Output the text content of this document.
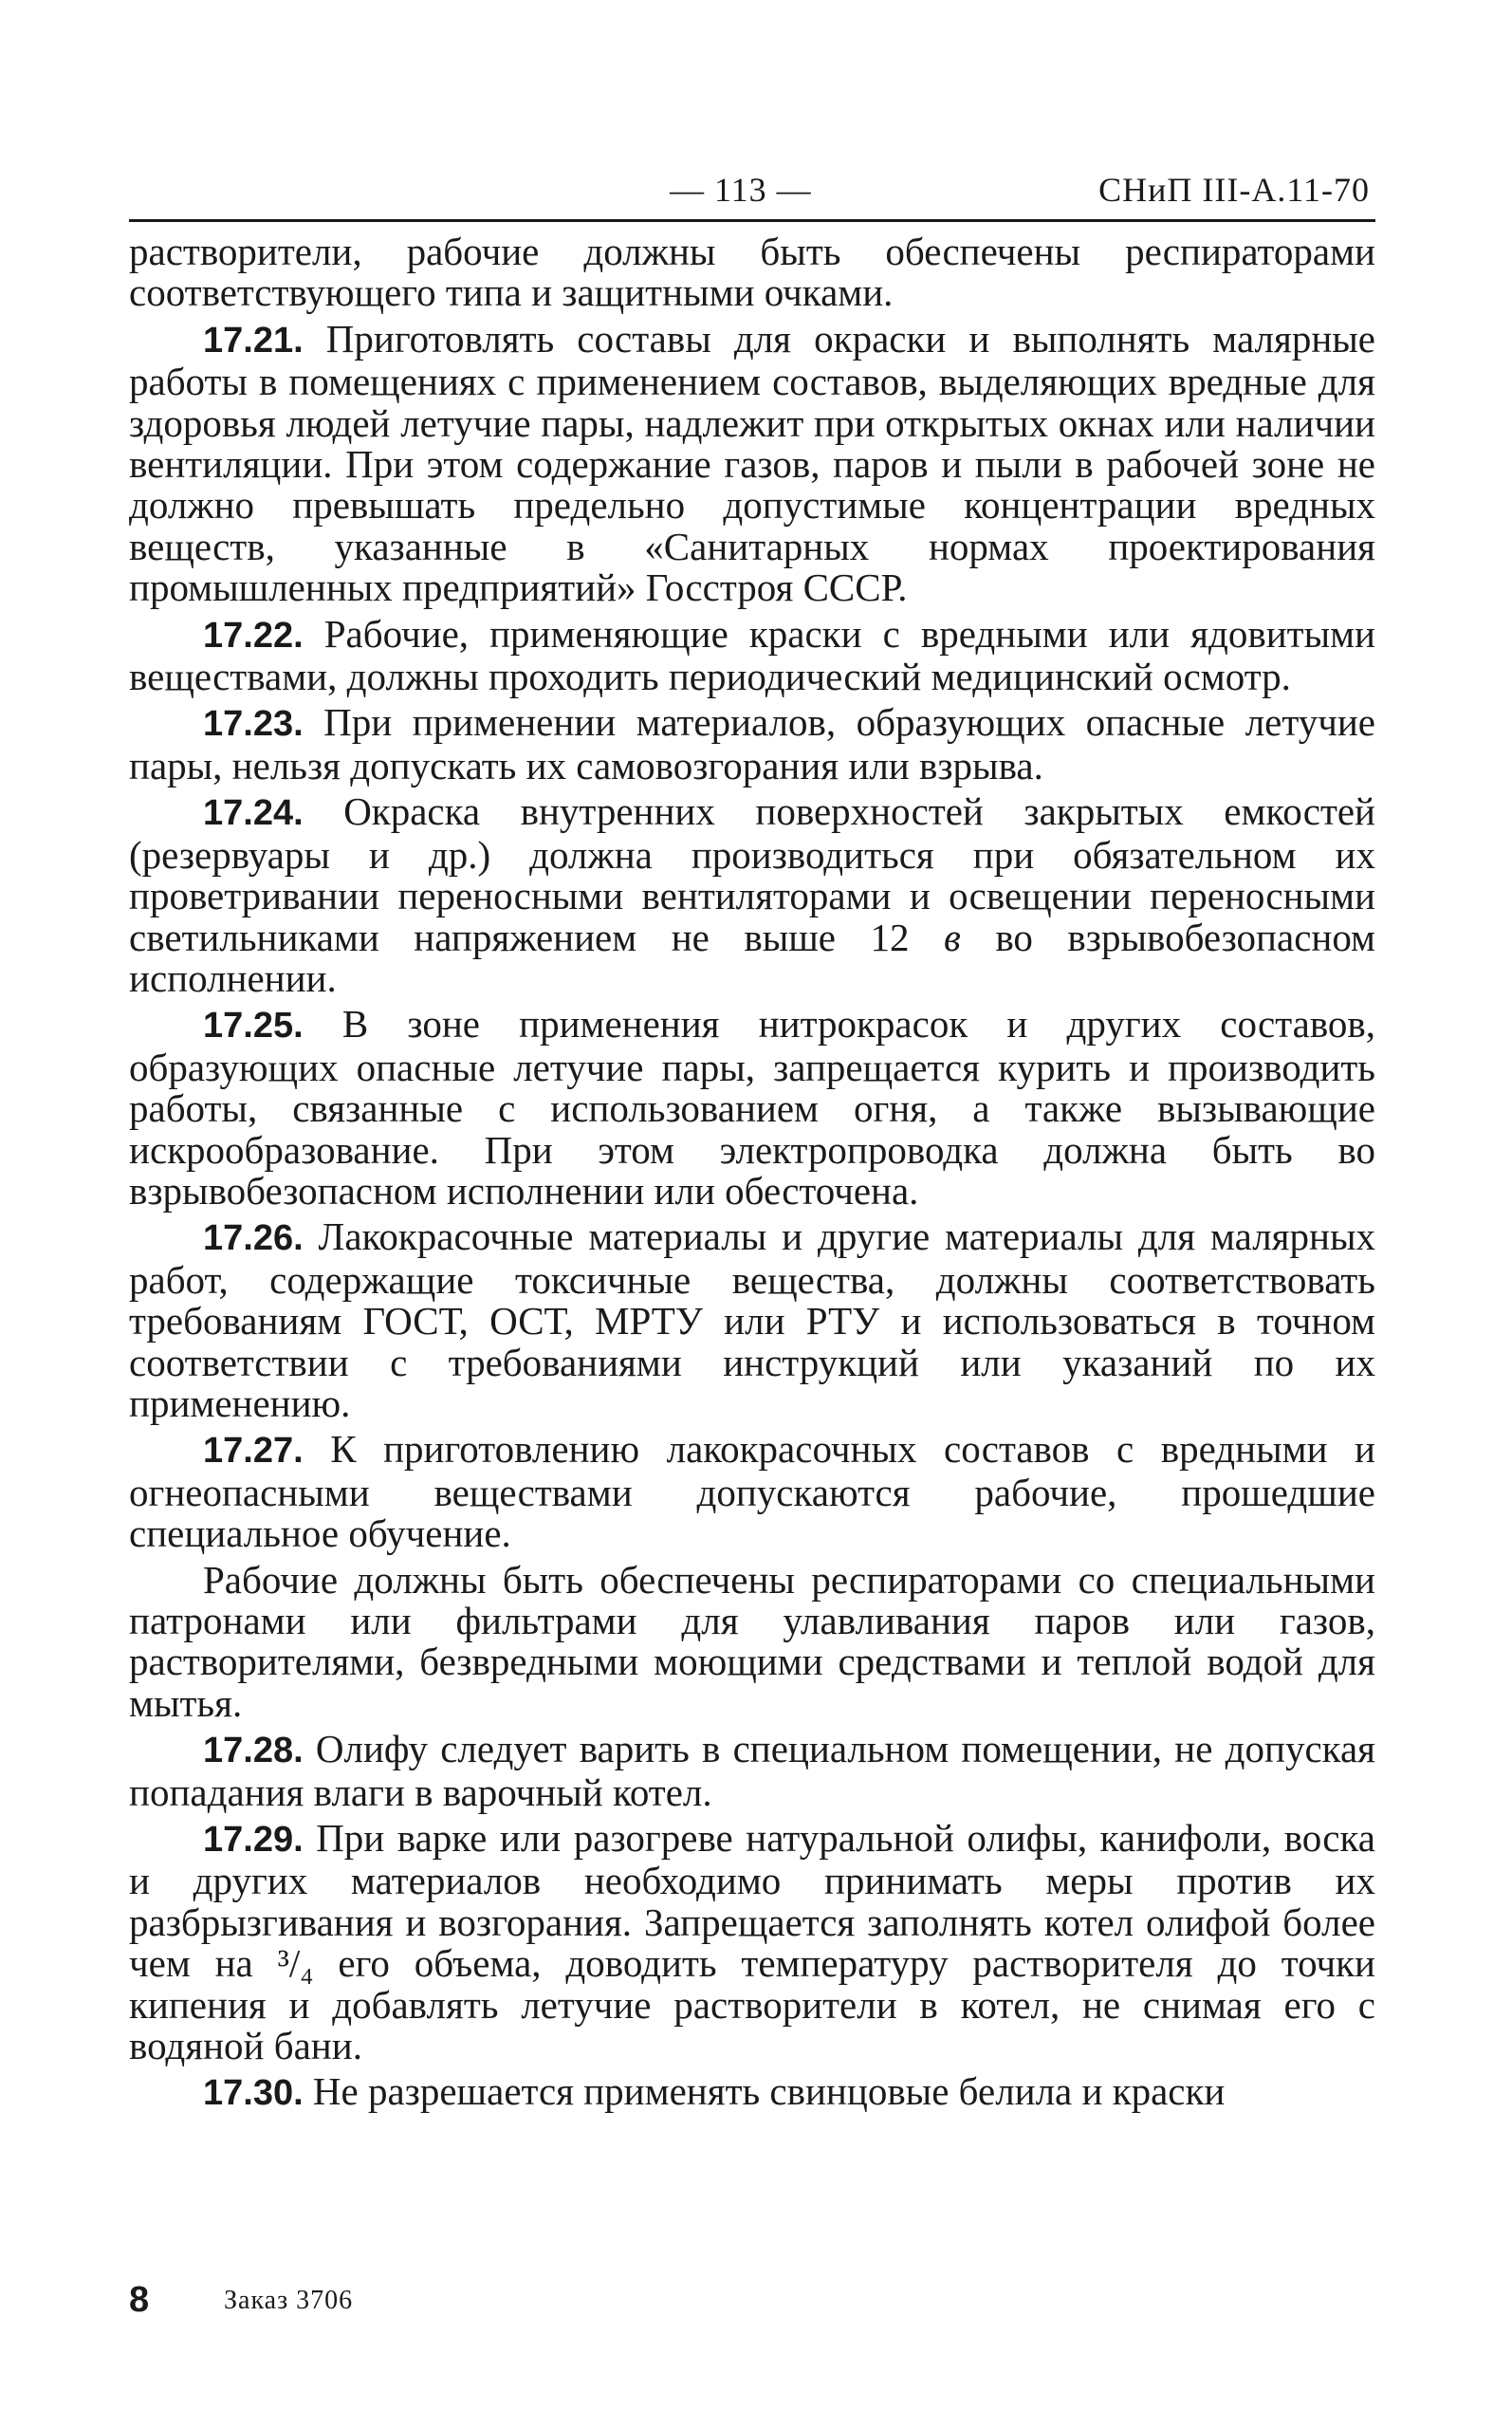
— 113 —	СНиП III-А.11-70

растворители, рабочие должны быть обеспечены респираторами соответствующего типа и защитными очками.

17.21. Приготовлять составы для окраски и выполнять малярные работы в помещениях с применением составов, выделяющих вредные для здоровья людей летучие пары, надлежит при открытых окнах или наличии вентиляции. При этом содержание газов, паров и пыли в рабочей зоне не должно превышать предельно допустимые концентрации вредных веществ, указанные в «Санитарных нормах проектирования промышленных предприятий» Госстроя СССР.

17.22. Рабочие, применяющие краски с вредными или ядовитыми веществами, должны проходить периодический медицинский осмотр.

17.23. При применении материалов, образующих опасные летучие пары, нельзя допускать их самовозгорания или взрыва.

17.24. Окраска внутренних поверхностей закрытых емкостей (резервуары и др.) должна производиться при обязательном их проветривании переносными вентиляторами и освещении переносными светильниками напряжением не выше 12 в во взрывобезопасном исполнении.

17.25. В зоне применения нитрокрасок и других составов, образующих опасные летучие пары, запрещается курить и производить работы, связанные с использованием огня, а также вызывающие искрообразование. При этом электропроводка должна быть во взрывобезопасном исполнении или обесточена.

17.26. Лакокрасочные материалы и другие материалы для малярных работ, содержащие токсичные вещества, должны соответствовать требованиям ГОСТ, ОСТ, МРТУ или РТУ и использоваться в точном соответствии с требованиями инструкций или указаний по их применению.

17.27. К приготовлению лакокрасочных составов с вредными и огнеопасными веществами допускаются рабочие, прошедшие специальное обучение.

Рабочие должны быть обеспечены респираторами со специальными патронами или фильтрами для улавливания паров или газов, растворителями, безвредными моющими средствами и теплой водой для мытья.

17.28. Олифу следует варить в специальном помещении, не допуская попадания влаги в варочный котел.

17.29. При варке или разогреве натуральной олифы, канифоли, воска и других материалов необходимо принимать меры против их разбрызгивания и возгорания. Запрещается заполнять котел олифой более чем на ³/₄ его объема, доводить температуру растворителя до точки кипения и добавлять летучие растворители в котел, не снимая его с водяной бани.

17.30. Не разрешается применять свинцовые белила и краски

8	Заказ 3706
